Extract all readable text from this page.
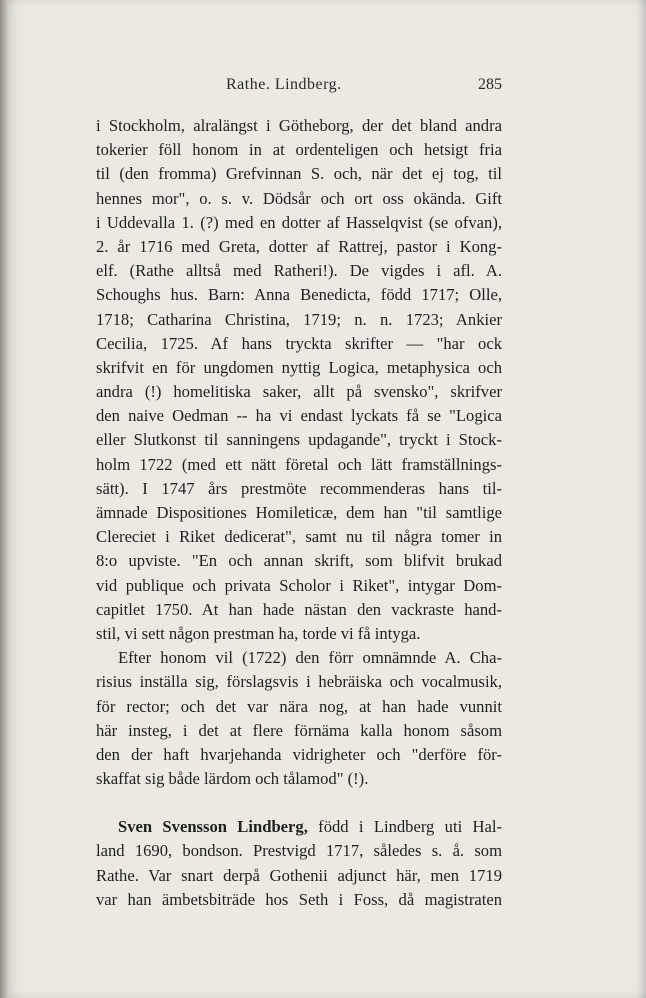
Rathe. Lindberg.	285
i Stockholm, alralängst i Götheborg, der det bland andra
tokerier föll honom in at ordenteligen och hetsigt fria
til (den fromma) Grefvinnan S. och, när det ej tog, til
hennes mor", o. s. v. Dödsår och ort oss okända. Gift
i Uddevalla 1. (?) med en dotter af Hasselqvist (se ofvan),
2. år 1716 med Greta, dotter af Rattrej, pastor i Kong-
elf. (Rathe alltså med Ratheri!). De vigdes i afl. A.
Schoughs hus. Barn: Anna Benedicta, född 1717; Olle,
1718; Catharina Christina, 1719; n. n. 1723; Ankier
Cecilia, 1725. Af hans tryckta skrifter — "har ock
skrifvit en för ungdomen nyttig Logica, metaphysica och
andra (!) homelitiska saker, allt på svensko", skrifver
den naive Oedman -- ha vi endast lyckats få se "Logica
eller Slutkonst til sanningens updagande", tryckt i Stock-
holm 1722 (med ett nätt företal och lätt framställnings-
sätt). I 1747 års prestmöte recommenderas hans til-
ämnade Dispositiones Homileticæ, dem han "til samtlige
Clereciet i Riket dedicerat", samt nu til några tomer in
8:o upviste. "En och annan skrift, som blifvit brukad
vid publique och privata Scholor i Riket", intygar Dom-
capitlet 1750. At han hade nästan den vackraste hand-
stil, vi sett någon prestman ha, torde vi få intyga.
Efter honom vil (1722) den förr omnämnde A. Cha-
risius inställa sig, förslagsvis i hebräiska och vocalmusik,
för rector; och det var nära nog, at han hade vunnit
här insteg, i det at flere förnäma kalla honom såsom
den der haft hvarjehanda vidrigheter och "derföre för-
skaffat sig både lärdom och tålamod" (!).
Sven Svensson Lindberg, född i Lindberg uti Hal-
land 1690, bondson. Prestvigd 1717, således s. å. som
Rathe. Var snart derpå Gothenii adjunct här, men 1719
var han ämbetsbiträde hos Seth i Foss, då magistraten
